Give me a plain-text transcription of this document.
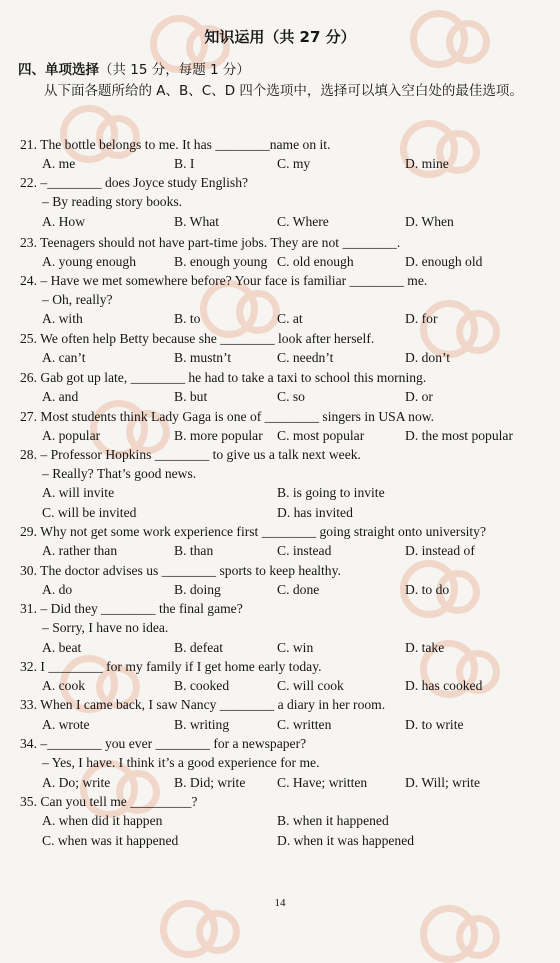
知识运用（共 27 分）
四、单项选择（共 15 分，每题 1 分）
从下面各题所给的 A、B、C、D 四个选项中，选择可以填入空白处的最佳选项。
21. The bottle belongs to me. It has ________name on it.
A. me	B. I	C. my	D. mine
22. –________ does Joyce study English?
– By reading story books.
A. How	B. What	C. Where	D. When
23. Teenagers should not have part-time jobs. They are not ________.
A. young enough	B. enough young C. old enough	D. enough old
24. – Have we met somewhere before? Your face is familiar ________ me.
– Oh, really?
A. with	B. to	C. at	D. for
25. We often help Betty because she ________ look after herself.
A. can’t	B. mustn’t	C. needn’t	D. don’t
26. Gab got up late, ________ he had to take a taxi to school this morning.
A. and	B. but	C. so	D. or
27. Most students think Lady Gaga is one of ________ singers in USA now.
A. popular	B. more popular C. most popular	D. the most popular
28. – Professor Hopkins ________ to give us a talk next week.
– Really? That’s good news.
A. will invite	B. is going to invite
C. will be invited	D. has invited
29. Why not get some work experience first ________ going straight onto university?
A. rather than	B. than	C. instead	D. instead of
30. The doctor advises us ________ sports to keep healthy.
A. do	B. doing	C. done	D. to do
31. – Did they ________ the final game?
– Sorry, I have no idea.
A. beat	B. defeat	C. win	D. take
32. I ________ for my family if I get home early today.
A. cook	B. cooked	C. will cook	D. has cooked
33. When I came back, I saw Nancy ________ a diary in her room.
A. wrote	B. writing	C. written	D. to write
34. –________ you ever ________ for a newspaper?
– Yes, I have. I think it’s a good experience for me.
A. Do; write	B. Did; write C. Have; written	D. Will; write
35. Can you tell me _________?
A. when did it happen	B. when it happened
C. when was it happened	D. when it was happened
14
